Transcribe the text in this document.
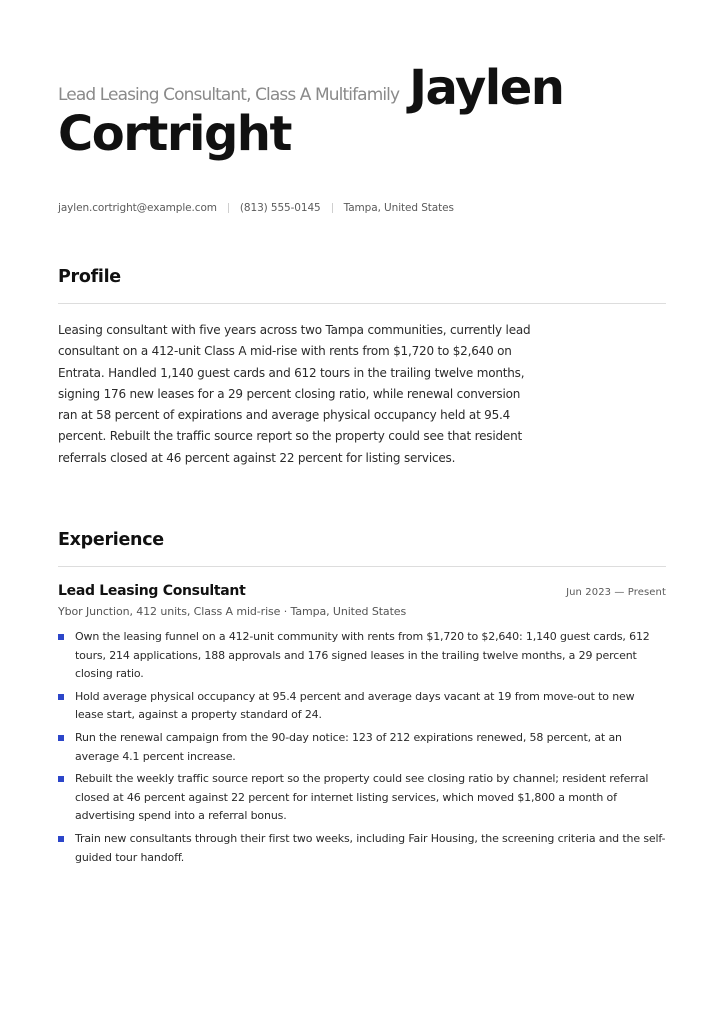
Lead Leasing Consultant, Class A Multifamily Jaylen
Cortright
jaylen.cortright@example.com (813) 555-0145 Tampa, United States
Profile
Leasing consultant with five years across two Tampa communities, currently lead consultant on a 412-unit Class A mid-rise with rents from $1,720 to $2,640 on Entrata. Handled 1,140 guest cards and 612 tours in the trailing twelve months, signing 176 new leases for a 29 percent closing ratio, while renewal conversion ran at 58 percent of expirations and average physical occupancy held at 95.4 percent. Rebuilt the traffic source report so the property could see that resident referrals closed at 46 percent against 22 percent for listing services.
Experience
Lead Leasing Consultant	Jun 2023 — Present
Ybor Junction, 412 units, Class A mid-rise · Tampa, United States
Own the leasing funnel on a 412-unit community with rents from $1,720 to $2,640: 1,140 guest cards, 612 tours, 214 applications, 188 approvals and 176 signed leases in the trailing twelve months, a 29 percent closing ratio.
Hold average physical occupancy at 95.4 percent and average days vacant at 19 from move-out to new lease start, against a property standard of 24.
Run the renewal campaign from the 90-day notice: 123 of 212 expirations renewed, 58 percent, at an average 4.1 percent increase.
Rebuilt the weekly traffic source report so the property could see closing ratio by channel; resident referral closed at 46 percent against 22 percent for internet listing services, which moved $1,800 a month of advertising spend into a referral bonus.
Train new consultants through their first two weeks, including Fair Housing, the screening criteria and the self-guided tour handoff.
